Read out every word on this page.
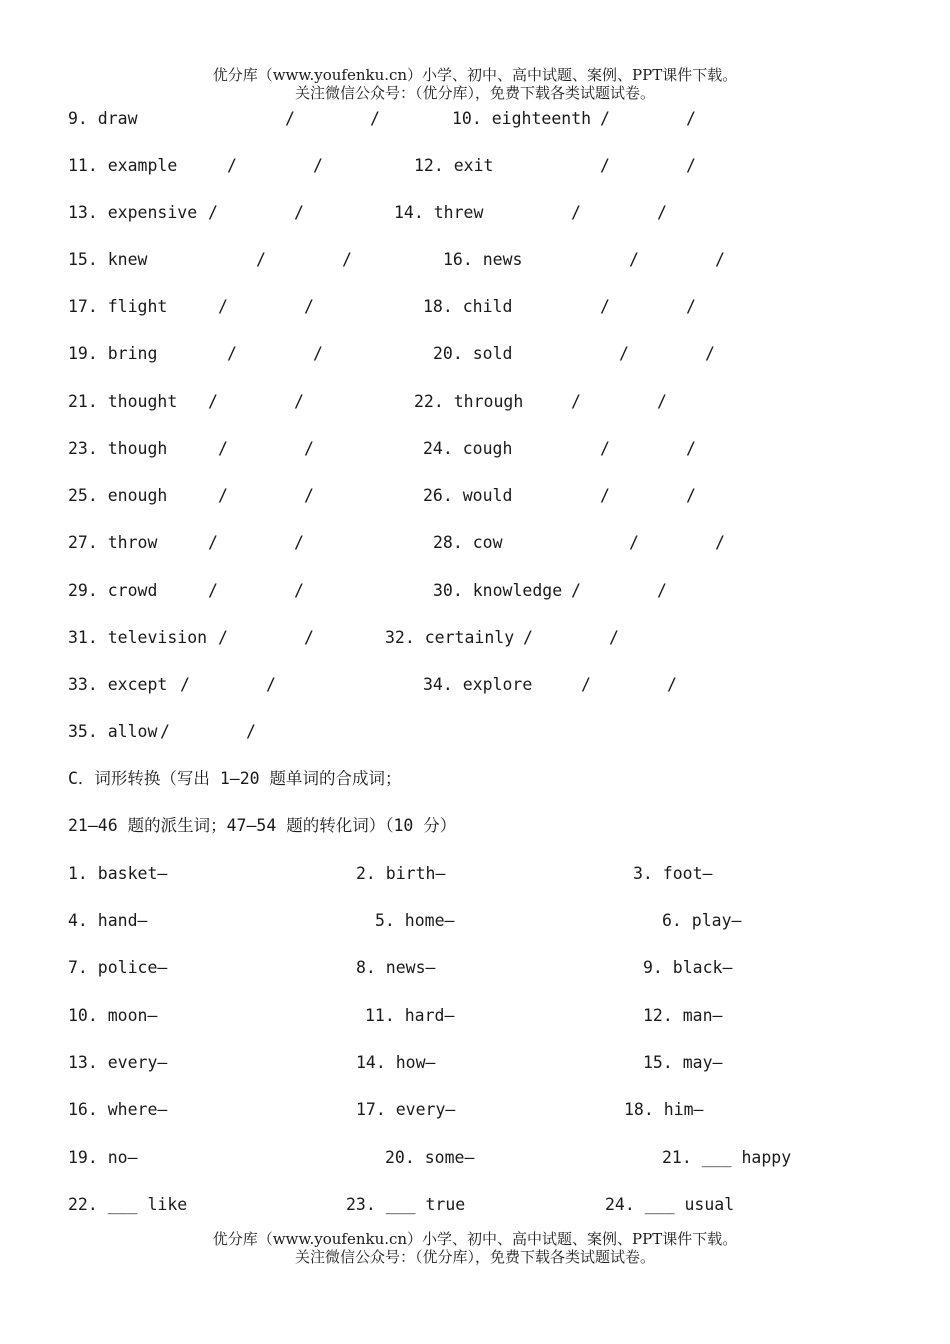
优分库（www.youfenku.cn）小学、初中、高中试题、案例、PPT课件下载。
关注微信公众号：（优分库），免费下载各类试题试卷。
9. draw	/	/	10. eighteenth /	/
11. example	/	/	12. exit	/	/
13. expensive /	/	14. threw	/	/
15. knew	/	/	16. news	/	/
17. flight	/	/	18. child	/	/
19. bring	/	/	20. sold	/	/
21. thought /	/	22. through	/	/
23. though	/	/	24. cough	/	/
25. enough	/	/	26. would	/	/
27. throw	/	/	28. cow	/	/
29. crowd	/	/	30. knowledge /	/
31. television /	/	32. certainly /	/
33. except /	/	34. explore	/	/
35. allow /	/
C．词形转换（写出 1—20 题单词的合成词；
21—46 题的派生词；47—54 题的转化词）（10 分）
1. basket—	2. birth—	3. foot—
4. hand—	5. home—	6. play—
7. police—	8. news—	9. black—
10. moon—	11. hard—	12. man—
13. every—	14. how—	15. may—
16. where—	17. every—	18. him—
19. no—	20. some—	21. ___ happy
22. ___ like	23. ___ true	24. ___ usual
优分库（www.youfenku.cn）小学、初中、高中试题、案例、PPT课件下载。
关注微信公众号：（优分库），免费下载各类试题试卷。
